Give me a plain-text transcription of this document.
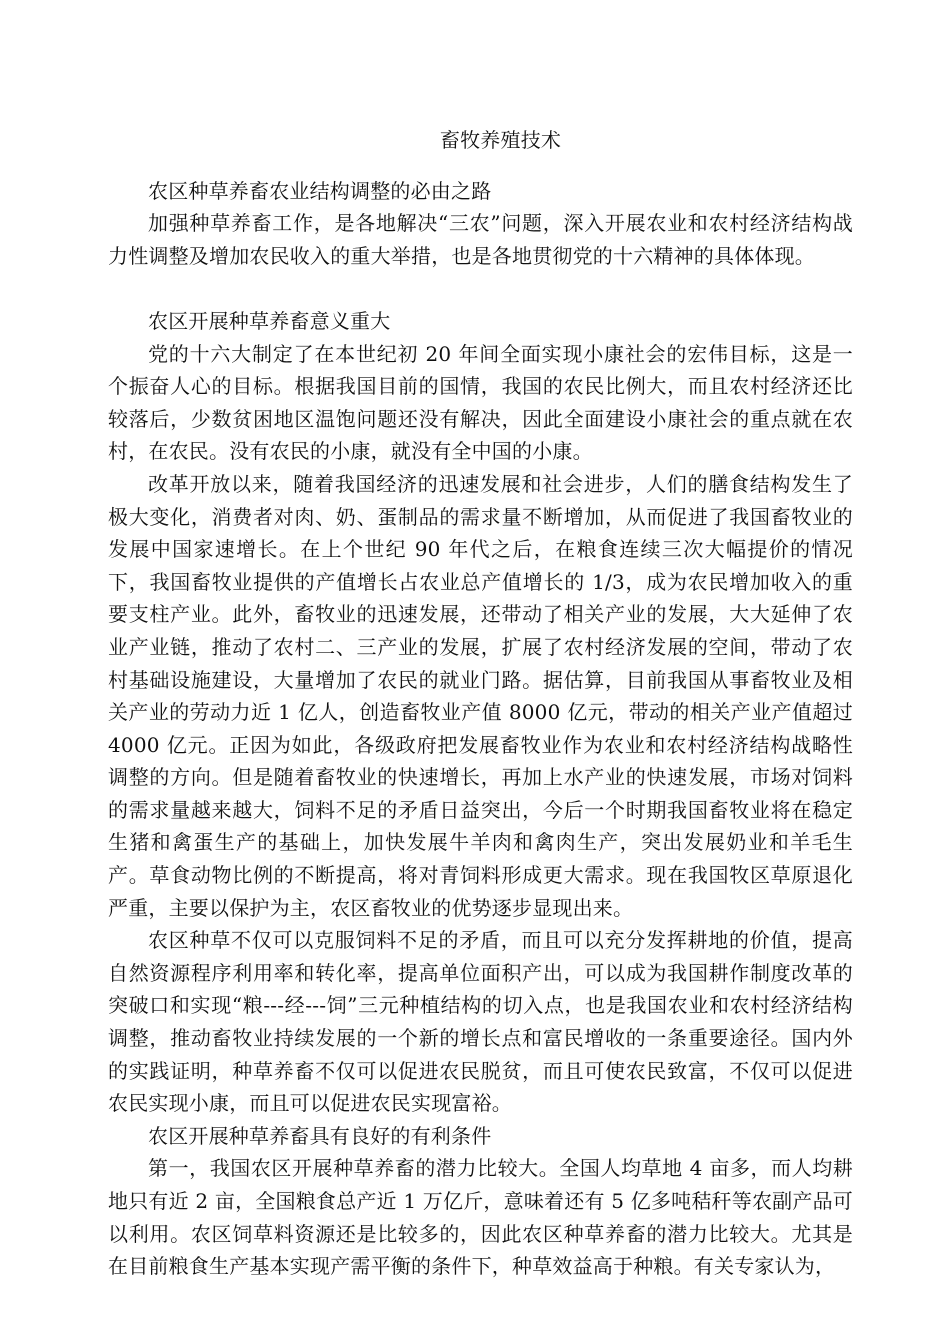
畜牧养殖技术
农区种草养畜农业结构调整的必由之路
加强种草养畜工作，是各地解决“三农”问题，深入开展农业和农村经济结构战力性调整及增加农民收入的重大举措，也是各地贯彻党的十六精神的具体体现。
农区开展种草养畜意义重大
党的十六大制定了在本世纪初 20 年间全面实现小康社会的宏伟目标，这是一个振奋人心的目标。根据我国目前的国情，我国的农民比例大，而且农村经济还比较落后，少数贫困地区温饱问题还没有解决，因此全面建设小康社会的重点就在农村，在农民。没有农民的小康，就没有全中国的小康。
改革开放以来，随着我国经济的迅速发展和社会进步，人们的膳食结构发生了极大变化，消费者对肉、奶、蛋制品的需求量不断增加，从而促进了我国畜牧业的发展中国家速增长。在上个世纪 90 年代之后，在粮食连续三次大幅提价的情况下，我国畜牧业提供的产值增长占农业总产值增长的 1/3，成为农民增加收入的重要支柱产业。此外，畜牧业的迅速发展，还带动了相关产业的发展，大大延伸了农业产业链，推动了农村二、三产业的发展，扩展了农村经济发展的空间，带动了农村基础设施建设，大量增加了农民的就业门路。据估算，目前我国从事畜牧业及相关产业的劳动力近 1 亿人，创造畜牧业产值 8000 亿元，带动的相关产业产值超过 4000 亿元。正因为如此，各级政府把发展畜牧业作为农业和农村经济结构战略性调整的方向。但是随着畜牧业的快速增长，再加上水产业的快速发展，市场对饲料的需求量越来越大，饲料不足的矛盾日益突出，今后一个时期我国畜牧业将在稳定生猪和禽蛋生产的基础上，加快发展牛羊肉和禽肉生产，突出发展奶业和羊毛生产。草食动物比例的不断提高，将对青饲料形成更大需求。现在我国牧区草原退化严重，主要以保护为主，农区畜牧业的优势逐步显现出来。
农区种草不仅可以克服饲料不足的矛盾，而且可以充分发挥耕地的价值，提高自然资源程序利用率和转化率，提高单位面积产出，可以成为我国耕作制度改革的突破口和实现“粮---经---饲”三元种植结构的切入点，也是我国农业和农村经济结构调整，推动畜牧业持续发展的一个新的增长点和富民增收的一条重要途径。国内外的实践证明，种草养畜不仅可以促进农民脱贫，而且可使农民致富，不仅可以促进农民实现小康，而且可以促进农民实现富裕。
农区开展种草养畜具有良好的有利条件
第一，我国农区开展种草养畜的潜力比较大。全国人均草地 4 亩多，而人均耕地只有近 2 亩，全国粮食总产近 1 万亿斤，意味着还有 5 亿多吨秸秆等农副产品可以利用。农区饲草料资源还是比较多的，因此农区种草养畜的潜力比较大。尤其是在目前粮食生产基本实现产需平衡的条件下，种草效益高于种粮。有关专家认为，
